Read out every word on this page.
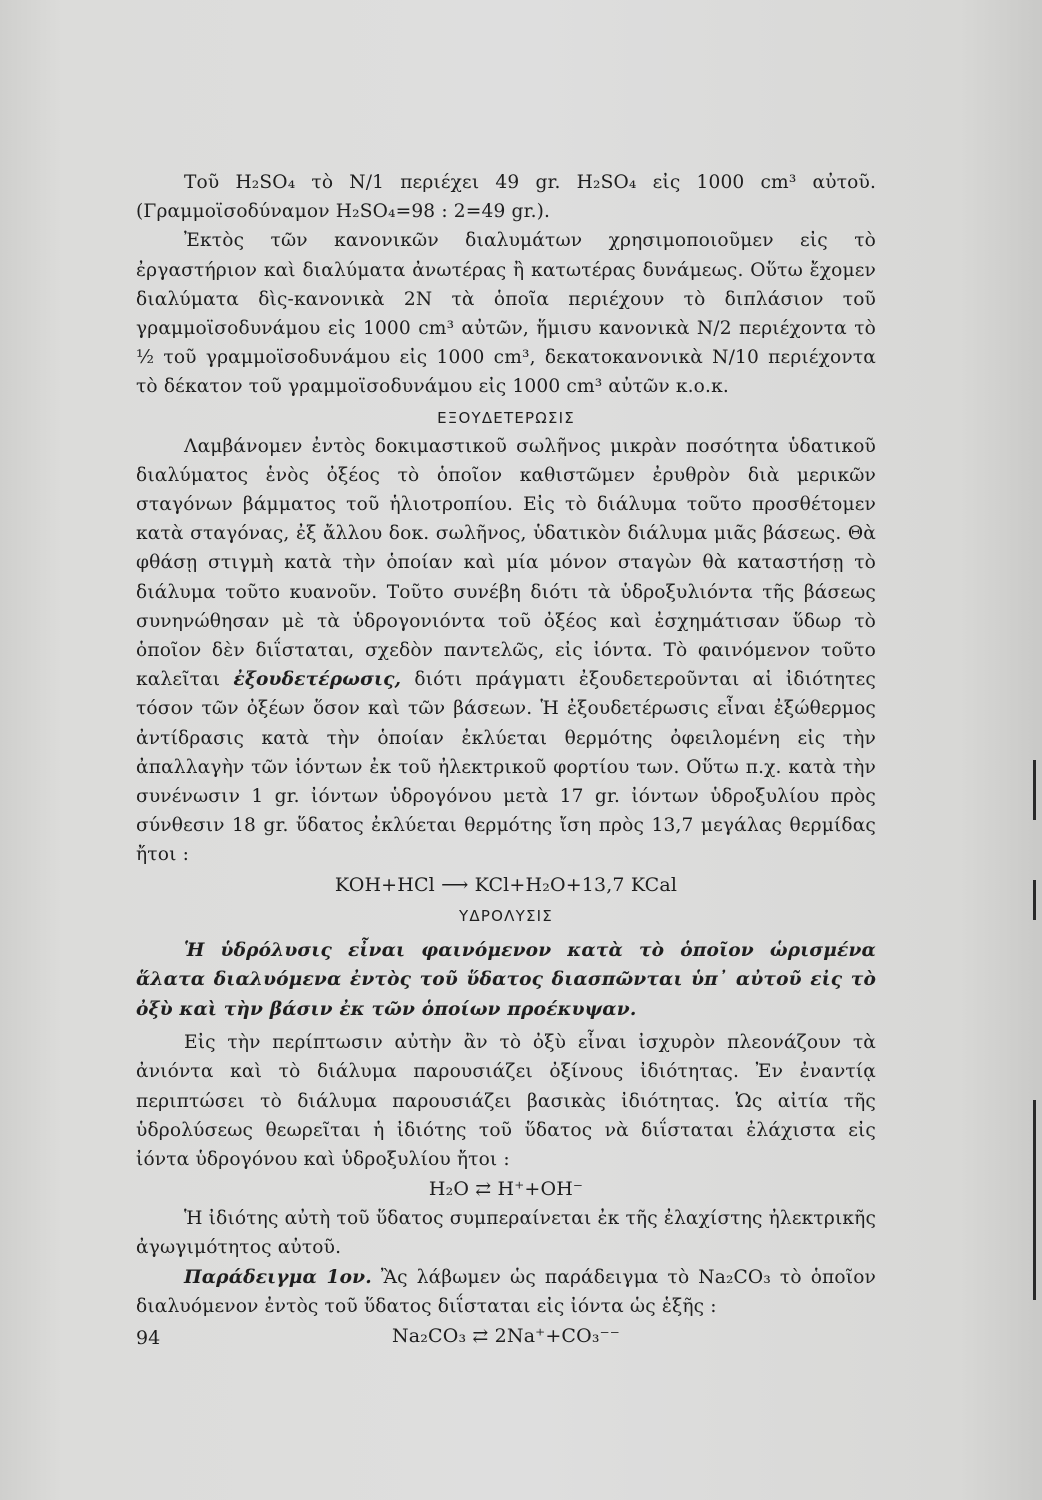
Τοῦ H₂SO₄ τὸ N/1 περιέχει 49 gr. H₂SO₄ εἰς 1000 cm³ αὐτοῦ. (Γραμμοϊσοδύναμον H₂SO₄=98 : 2=49 gr.).

Ἐκτὸς τῶν κανονικῶν διαλυμάτων χρησιμοποιοῦμεν εἰς τὸ ἐργαστήριον καὶ διαλύματα ἀνωτέρας ἢ κατωτέρας δυνάμεως. Οὕτω ἔχομεν διαλύματα δὶς-κανονικὰ 2N τὰ ὁποῖα περιέχουν τὸ διπλάσιον τοῦ γραμμοϊσοδυνάμου εἰς 1000 cm³ αὐτῶν, ἥμισυ κανονικὰ N/2 περιέχοντα τὸ ½ τοῦ γραμμοϊσοδυνάμου εἰς 1000 cm³, δεκατοκανονικὰ N/10 περιέχοντα τὸ δέκατον τοῦ γραμμοϊσοδυνάμου εἰς 1000 cm³ αὐτῶν κ.ο.κ.

ΕΞΟΥΔΕΤΕΡΩΣΙΣ

Λαμβάνομεν ἐντὸς δοκιμαστικοῦ σωλῆνος μικρὰν ποσότητα ὑδατικοῦ διαλύματος ἑνὸς ὀξέος τὸ ὁποῖον καθιστῶμεν ἐρυθρὸν διὰ μερικῶν σταγόνων βάμματος τοῦ ἡλιοτροπίου. Εἰς τὸ διάλυμα τοῦτο προσθέτομεν κατὰ σταγόνας, ἐξ ἄλλου δοκ. σωλῆνος, ὑδατικὸν διάλυμα μιᾶς βάσεως. Θὰ φθάσῃ στιγμὴ κατὰ τὴν ὁποίαν καὶ μία μόνον σταγὼν θὰ καταστήσῃ τὸ διάλυμα τοῦτο κυανοῦν. Τοῦτο συνέβη διότι τὰ ὑδροξυλιόντα τῆς βάσεως συνηνώθησαν μὲ τὰ ὑδρογονιόντα τοῦ ὀξέος καὶ ἐσχημάτισαν ὕδωρ τὸ ὁποῖον δὲν διΐσταται, σχεδὸν παντελῶς, εἰς ἰόντα. Τὸ φαινόμενον τοῦτο καλεῖται ἐξουδετέρωσις, διότι πράγματι ἐξουδετεροῦνται αἱ ἰδιότητες τόσον τῶν ὀξέων ὅσον καὶ τῶν βάσεων. Ἡ ἐξουδετέρωσις εἶναι ἐξώθερμος ἀντίδρασις κατὰ τὴν ὁποίαν ἐκλύεται θερμότης ὀφειλομένη εἰς τὴν ἀπαλλαγὴν τῶν ἰόντων ἐκ τοῦ ἠλεκτρικοῦ φορτίου των. Οὕτω π.χ. κατὰ τὴν συνένωσιν 1 gr. ἰόντων ὑδρογόνου μετὰ 17 gr. ἰόντων ὑδροξυλίου πρὸς σύνθεσιν 18 gr. ὕδατος ἐκλύεται θερμότης ἴση πρὸς 13,7 μεγάλας θερμίδας ἤτοι :

KOH+HCl ⟶ KCl+H₂O+13,7 KCal
ΥΔΡΟΛΥΣΙΣ

Ἡ ὑδρόλυσις εἶναι φαινόμενον κατὰ τὸ ὁποῖον ὡρισμένα ἅλατα διαλυόμενα ἐντὸς τοῦ ὕδατος διασπῶνται ὑπ᾽ αὐτοῦ εἰς τὸ ὀξὺ καὶ τὴν βάσιν ἐκ τῶν ὁποίων προέκυψαν.

Εἰς τὴν περίπτωσιν αὐτὴν ἂν τὸ ὀξὺ εἶναι ἰσχυρὸν πλεονάζουν τὰ ἀνιόντα καὶ τὸ διάλυμα παρουσιάζει ὀξίνους ἰδιότητας. Ἐν ἐναντίᾳ περιπτώσει τὸ διάλυμα παρουσιάζει βασικὰς ἰδιότητας. Ὡς αἰτία τῆς ὑδρολύσεως θεωρεῖται ἡ ἰδιότης τοῦ ὕδατος νὰ διΐσταται ἐλάχιστα εἰς ἰόντα ὑδρογόνου καὶ ὑδροξυλίου ἤτοι :

H₂O ⇄ H⁺+OH⁻

Ἡ ἰδιότης αὐτὴ τοῦ ὕδατος συμπεραίνεται ἐκ τῆς ἐλαχίστης ἠλεκτρικῆς ἀγωγιμότητος αὐτοῦ.

Παράδειγμα 1ον. Ἂς λάβωμεν ὡς παράδειγμα τὸ Na₂CO₃ τὸ ὁποῖον διαλυόμενον ἐντὸς τοῦ ὕδατος διΐσταται εἰς ἰόντα ὡς ἑξῆς :

Na₂CO₃ ⇄ 2Na⁺+CO₃⁻⁻
94
